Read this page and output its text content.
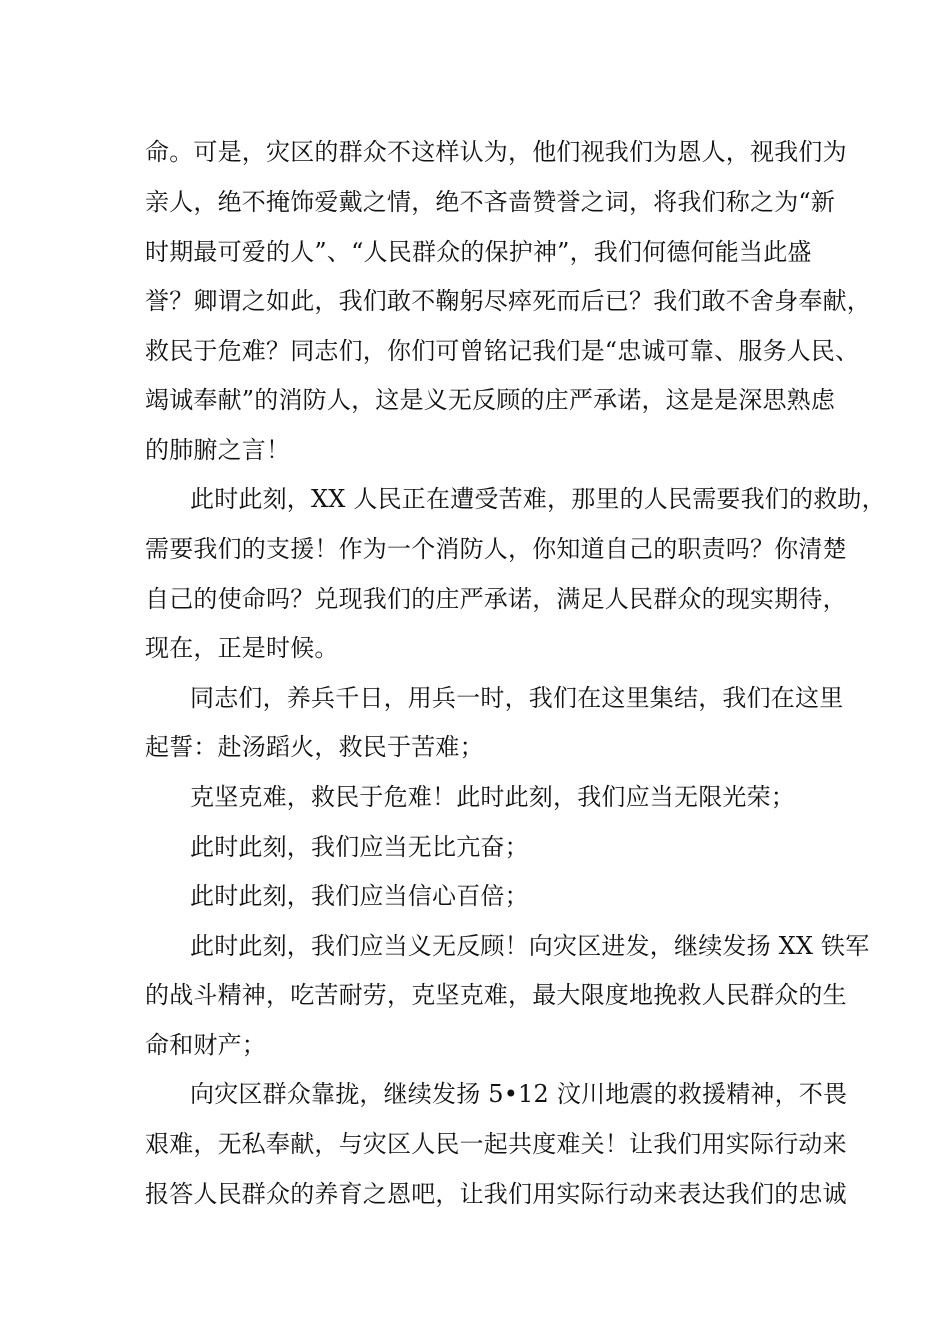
命。可是，灾区的群众不这样认为，他们视我们为恩人，视我们为
亲人，绝不掩饰爱戴之情，绝不吝啬赞誉之词，将我们称之为“新
时期最可爱的人”、“人民群众的保护神”，我们何德何能当此盛
誉？卿谓之如此，我们敢不鞠躬尽瘁死而后已？我们敢不舍身奉献，
救民于危难？同志们，你们可曾铭记我们是“忠诚可靠、服务人民、
竭诚奉献”的消防人，这是义无反顾的庄严承诺，这是是深思熟虑
的肺腑之言！
此时此刻，XX 人民正在遭受苦难，那里的人民需要我们的救助，
需要我们的支援！作为一个消防人，你知道自己的职责吗？你清楚
自己的使命吗？兑现我们的庄严承诺，满足人民群众的现实期待，
现在，正是时候。
同志们，养兵千日，用兵一时，我们在这里集结，我们在这里
起誓：赴汤蹈火，救民于苦难；
克坚克难，救民于危难！此时此刻，我们应当无限光荣；
此时此刻，我们应当无比亢奋；
此时此刻，我们应当信心百倍；
此时此刻，我们应当义无反顾！向灾区进发，继续发扬 XX 铁军
的战斗精神，吃苦耐劳，克坚克难，最大限度地挽救人民群众的生
命和财产；
向灾区群众靠拢，继续发扬 5•12 汶川地震的救援精神，不畏
艰难，无私奉献，与灾区人民一起共度难关！让我们用实际行动来
报答人民群众的养育之恩吧，让我们用实际行动来表达我们的忠诚
